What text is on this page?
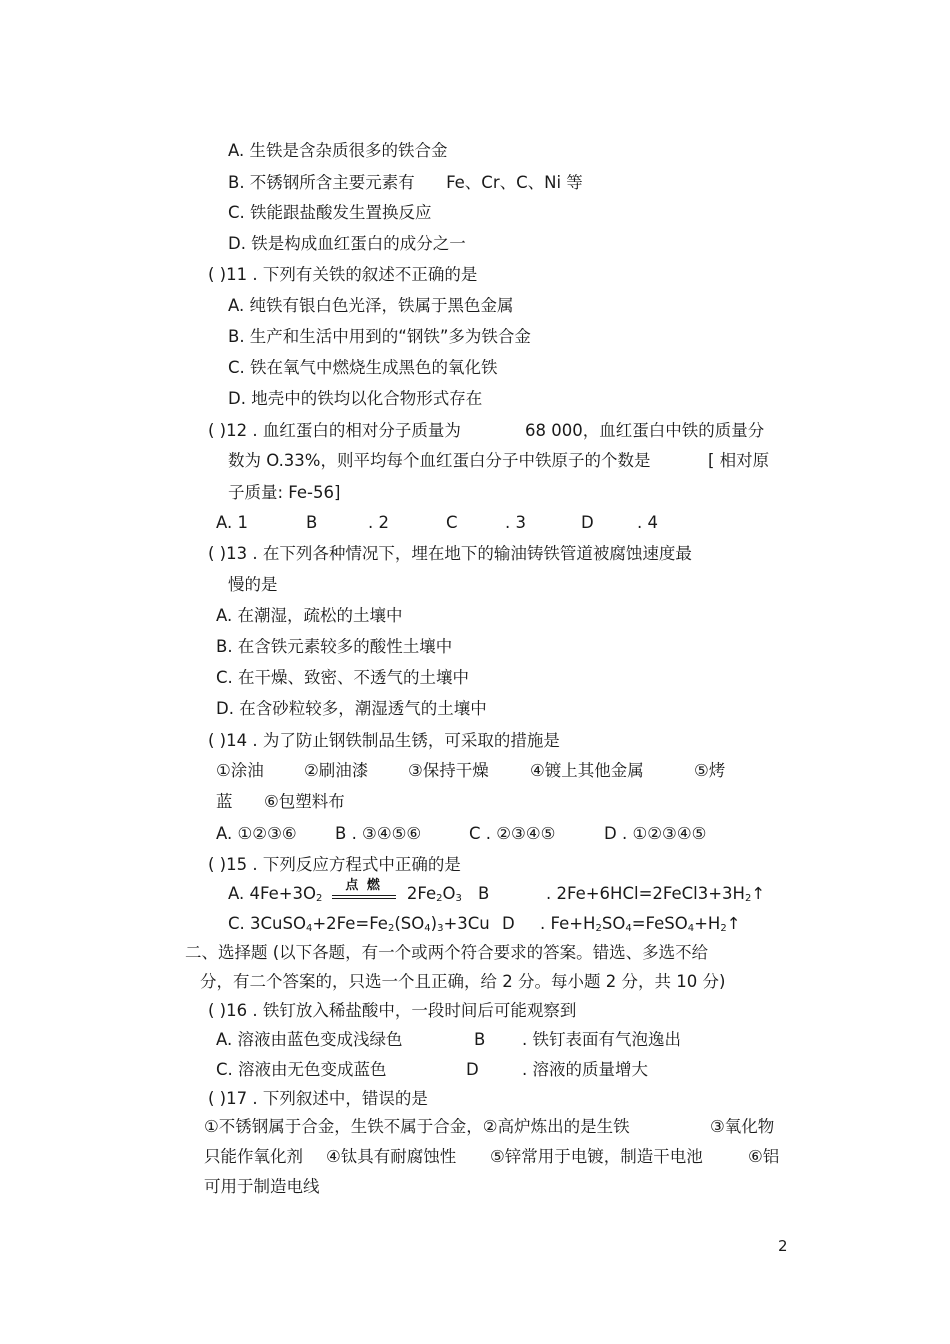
A. 生铁是含杂质很多的铁合金
B. 不锈钢所含主要元素有 Fe、Cr、C、Ni 等
C. 铁能跟盐酸发生置换反应
D. 铁是构成血红蛋白的成分之一
( )11 . 下列有关铁的叙述不正确的是
A. 纯铁有银白色光泽，铁属于黑色金属
B. 生产和生活中用到的“钢铁”多为铁合金
C. 铁在氧气中燃烧生成黑色的氧化铁
D. 地壳中的铁均以化合物形式存在
( )12 . 血红蛋白的相对分子质量为	68 000，血红蛋白中铁的质量分
数为 O.33%，则平均每个血红蛋白分子中铁原子的个数是	[ 相对原
子质量: Fe-56]
A. 1	B	. 2	C	. 3	D	. 4
( )13 . 在下列各种情况下，埋在地下的输油铸铁管道被腐蚀速度最
慢的是
A. 在潮湿，疏松的土壤中
B. 在含铁元素较多的酸性土壤中
C. 在干燥、致密、不透气的土壤中
D. 在含砂粒较多，潮湿透气的土壤中
( )14 . 为了防止钢铁制品生锈，可采取的措施是
①涂油 ②刷油漆 ③保持干燥 ④镀上其他金属	⑤烤
蓝 ⑥包塑料布
A. ①②③⑥ B . ③④⑤⑥	C . ②③④⑤	D . ①②③④⑤
( )15 . 下列反应方程式中正确的是
A. 4Fe+3O2
点 燃	2Fe2O3 B	. 2Fe+6HCl=2FeCl3+3H2↑
C. 3CuSO4+2Fe=Fe2(SO4)3+3Cu D . Fe+H2SO4=FeSO4+H2↑
二、选择题 (以下各题，有一个或两个符合要求的答案。错选、多选不给
分，有二个答案的，只选一个且正确，给 2 分。每小题 2 分，共 10 分)
( )16 . 铁钉放入稀盐酸中，一段时间后可能观察到
A. 溶液由蓝色变成浅绿色	B . 铁钉表面有气泡逸出
C. 溶液由无色变成蓝色	D	. 溶液的质量增大
( )17 . 下列叙述中，错误的是
①不锈钢属于合金，生铁不属于合金，②高炉炼出的是生铁	③氧化物
只能作氧化剂 ④钛具有耐腐蚀性 ⑤锌常用于电镀，制造干电池	⑥铝
可用于制造电线
2
